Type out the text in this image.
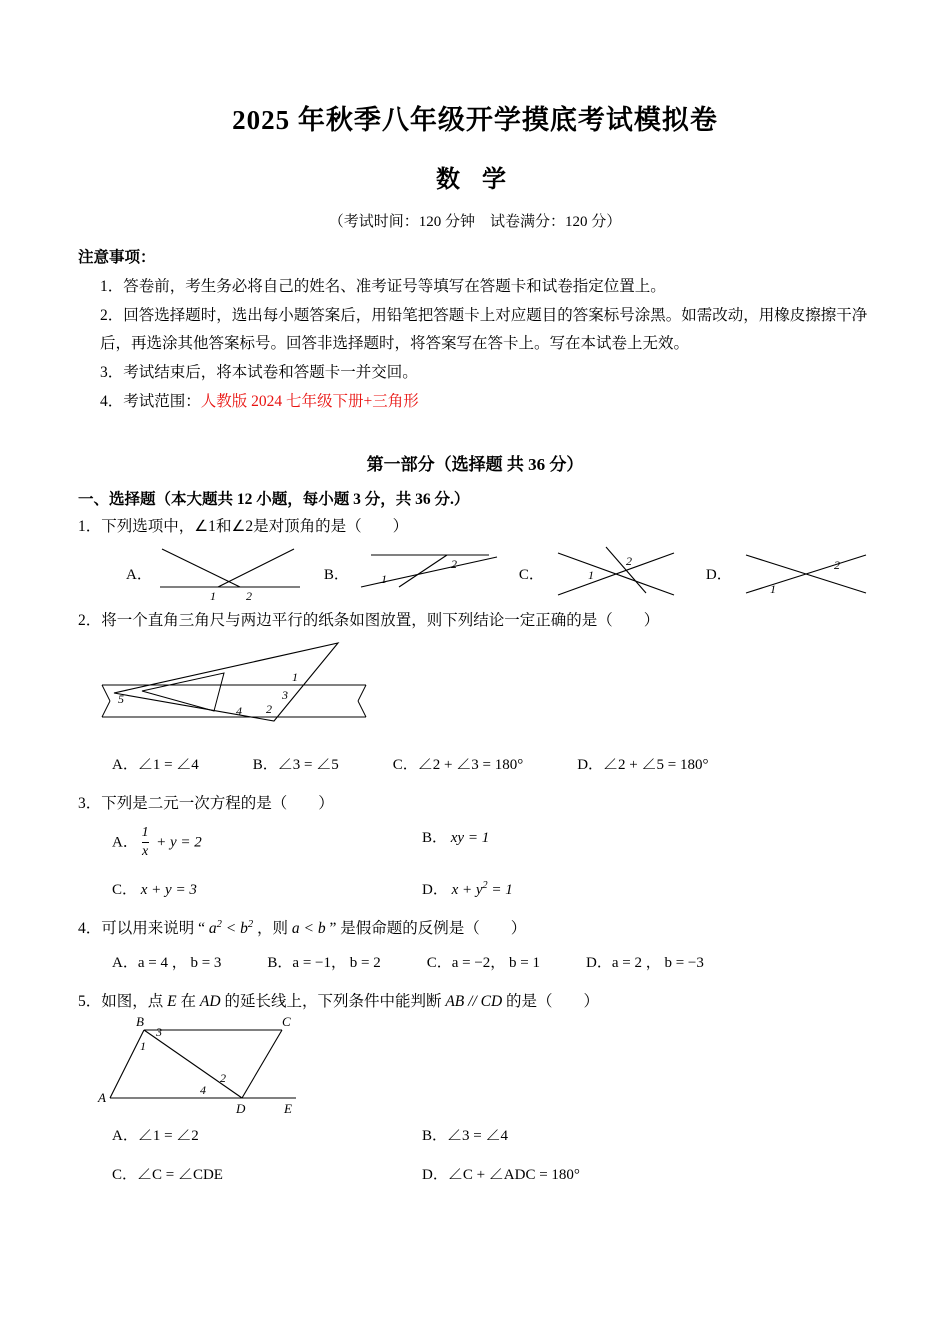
2025 年秋季八年级开学摸底考试模拟卷
数 学
（考试时间：120 分钟　试卷满分：120 分）
注意事项：
1．答卷前，考生务必将自己的姓名、准考证号等填写在答题卡和试卷指定位置上。
2．回答选择题时，选出每小题答案后，用铅笔把答题卡上对应题目的答案标号涂黑。如需改动，用橡皮擦擦干净后，再选涂其他答案标号。回答非选择题时，将答案写在答卡上。写在本试卷上无效。
3．考试结束后，将本试卷和答题卡一并交回。
4．考试范围：人教版 2024 七年级下册+三角形
第一部分（选择题 共 36 分）
一、选择题（本大题共 12 小题，每小题 3 分，共 36 分.）
1．下列选项中，∠1和∠2是对顶角的是（　　）
A．
1	2
B．	1
2
C．	1
2
D．
1
2
2．将一个直角三角尺与两边平行的纸条如图放置，则下列结论一定正确的是（　　）
1
2
3
4
5
A．∠1 = ∠4	B．∠3 = ∠5	C．∠2 + ∠3 = 180°	D．∠2 + ∠5 = 180°
3．下列是二元一次方程的是（　　）
A． $\frac{1}{x} + y = 2$	B． xy = 1
C． x + y = 3	D． $x + y^2 = 1$
4．可以用来说明 “ $a^2 < b^2$ ，则 a < b ” 是假命题的反例是（　　）
A．a = 4 ， b = 3	B．a = −1， b = 2	C．a = −2， b = 1	D．a = 2 ， b = −3
5．如图，点 E 在 AD 的延长线上，下列条件中能判断 AB // CD 的是（　　）
B	C
A
D	E
1
3
2
4
A．∠1 = ∠2	B．∠3 = ∠4
C．∠C = ∠CDE	D．∠C + ∠ADC = 180°
